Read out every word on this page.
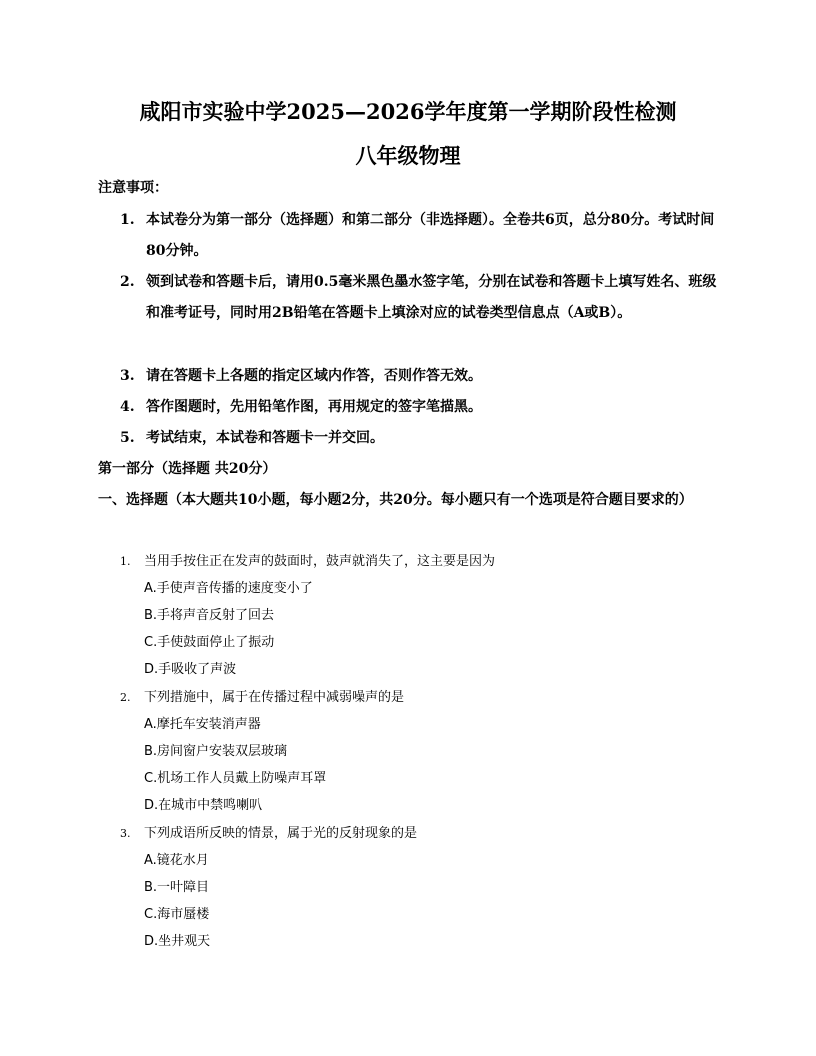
咸阳市实验中学2025—2026学年度第一学期阶段性检测
八年级物理
注意事项：
1. 本试卷分为第一部分（选择题）和第二部分（非选择题）。全卷共6页，总分80分。考试时间80分钟。
2. 领到试卷和答题卡后，请用0.5毫米黑色墨水签字笔，分别在试卷和答题卡上填写姓名、班级和准考证号，同时用2B铅笔在答题卡上填涂对应的试卷类型信息点（A或B）。
3. 请在答题卡上各题的指定区域内作答，否则作答无效。
4. 答作图题时，先用铅笔作图，再用规定的签字笔描黑。
5. 考试结束，本试卷和答题卡一并交回。
第一部分（选择题 共20分）
一、选择题（本大题共10小题，每小题2分，共20分。每小题只有一个选项是符合题目要求的）
1. 当用手按住正在发声的鼓面时，鼓声就消失了，这主要是因为
A.手使声音传播的速度变小了
B.手将声音反射了回去
C.手使鼓面停止了振动
D.手吸收了声波
2. 下列措施中，属于在传播过程中减弱噪声的是
A.摩托车安装消声器
B.房间窗户安装双层玻璃
C.机场工作人员戴上防噪声耳罩
D.在城市中禁鸣喇叭
3. 下列成语所反映的情景，属于光的反射现象的是
A.镜花水月
B.一叶障目
C.海市蜃楼
D.坐井观天
